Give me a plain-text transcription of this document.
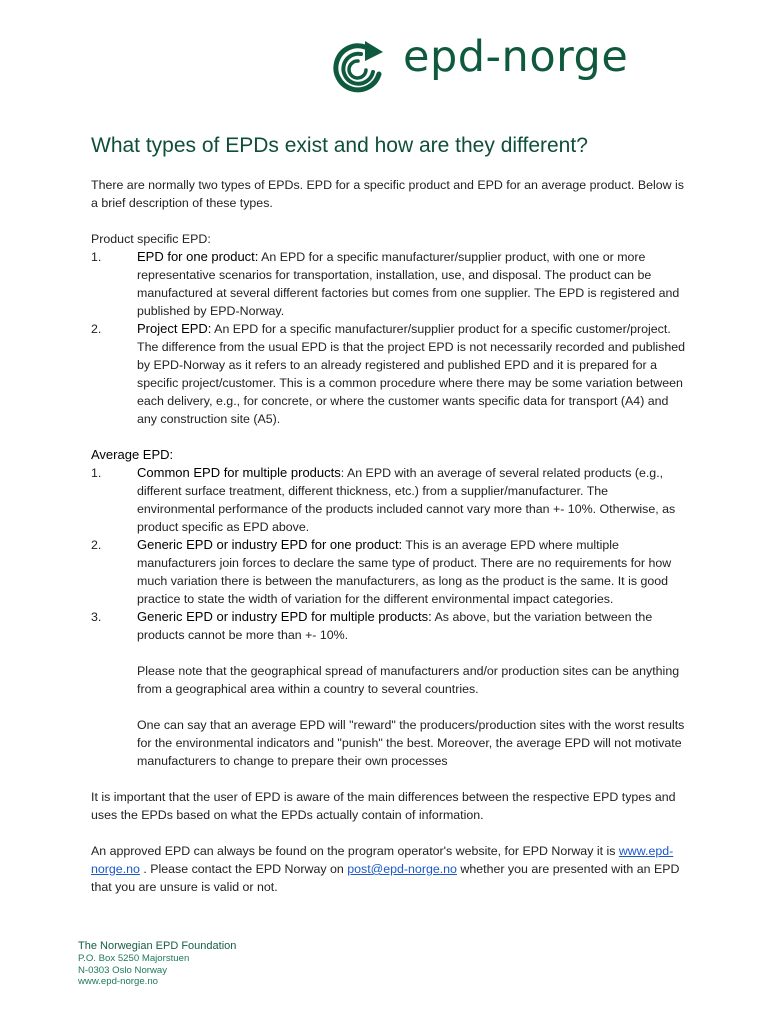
epd-norge
What types of EPDs exist and how are they different?

There are normally two types of EPDs. EPD for a specific product and EPD for an average product. Below is a brief description of these types.

Product specific EPD:

1.	EPD for one product: An EPD for a specific manufacturer/supplier product, with one or more representative scenarios for transportation, installation, use, and disposal. The product can be manufactured at several different factories but comes from one supplier. The EPD is registered and published by EPD-Norway.
2.	Project EPD: An EPD for a specific manufacturer/supplier product for a specific customer/project. The difference from the usual EPD is that the project EPD is not necessarily recorded and published by EPD-Norway as it refers to an already registered and published EPD and it is prepared for a specific project/customer. This is a common procedure where there may be some variation between each delivery, e.g., for concrete, or where the customer wants specific data for transport (A4) and any construction site (A5).

Average EPD:

1.	Common EPD for multiple products: An EPD with an average of several related products (e.g., different surface treatment, different thickness, etc.) from a supplier/manufacturer. The environmental performance of the products included cannot vary more than +- 10%. Otherwise, as product specific as EPD above.
2.	Generic EPD or industry EPD for one product: This is an average EPD where multiple manufacturers join forces to declare the same type of product. There are no requirements for how much variation there is between the manufacturers, as long as the product is the same. It is good practice to state the width of variation for the different environmental impact categories.
3.	Generic EPD or industry EPD for multiple products: As above, but the variation between the products cannot be more than +- 10%.

Please note that the geographical spread of manufacturers and/or production sites can be anything from a geographical area within a country to several countries.

One can say that an average EPD will "reward" the producers/production sites with the worst results for the environmental indicators and "punish" the best. Moreover, the average EPD will not motivate manufacturers to change to prepare their own processes

It is important that the user of EPD is aware of the main differences between the respective EPD types and uses the EPDs based on what the EPDs actually contain of information.

An approved EPD can always be found on the program operator's website, for EPD Norway it is www.epd-norge.no . Please contact the EPD Norway on post@epd-norge.no whether you are presented with an EPD that you are unsure is valid or not.

The Norwegian EPD Foundation
P.O. Box 5250 Majorstuen
N-0303 Oslo Norway
www.epd-norge.no
